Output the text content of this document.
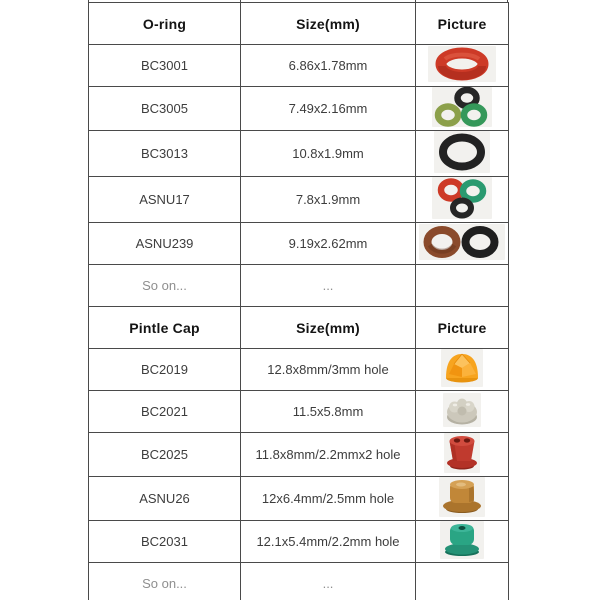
O-ring	Size(mm)	Picture
BC3001	6.86x1.78mm	

BC3005	7.49x2.16mm	

BC3013	10.8x1.9mm	

ASNU17	7.8x1.9mm	

ASNU239	9.19x2.62mm	

So on...	...	
Pintle Cap	Size(mm)	Picture
BC2019	12.8x8mm/3mm hole	

BC2021	11.5x5.8mm	

BC2025	11.8x8mm/2.2mmx2 hole	

ASNU26	12x6.4mm/2.5mm hole	

BC2031	12.1x5.4mm/2.2mm hole	

So on...	...	
